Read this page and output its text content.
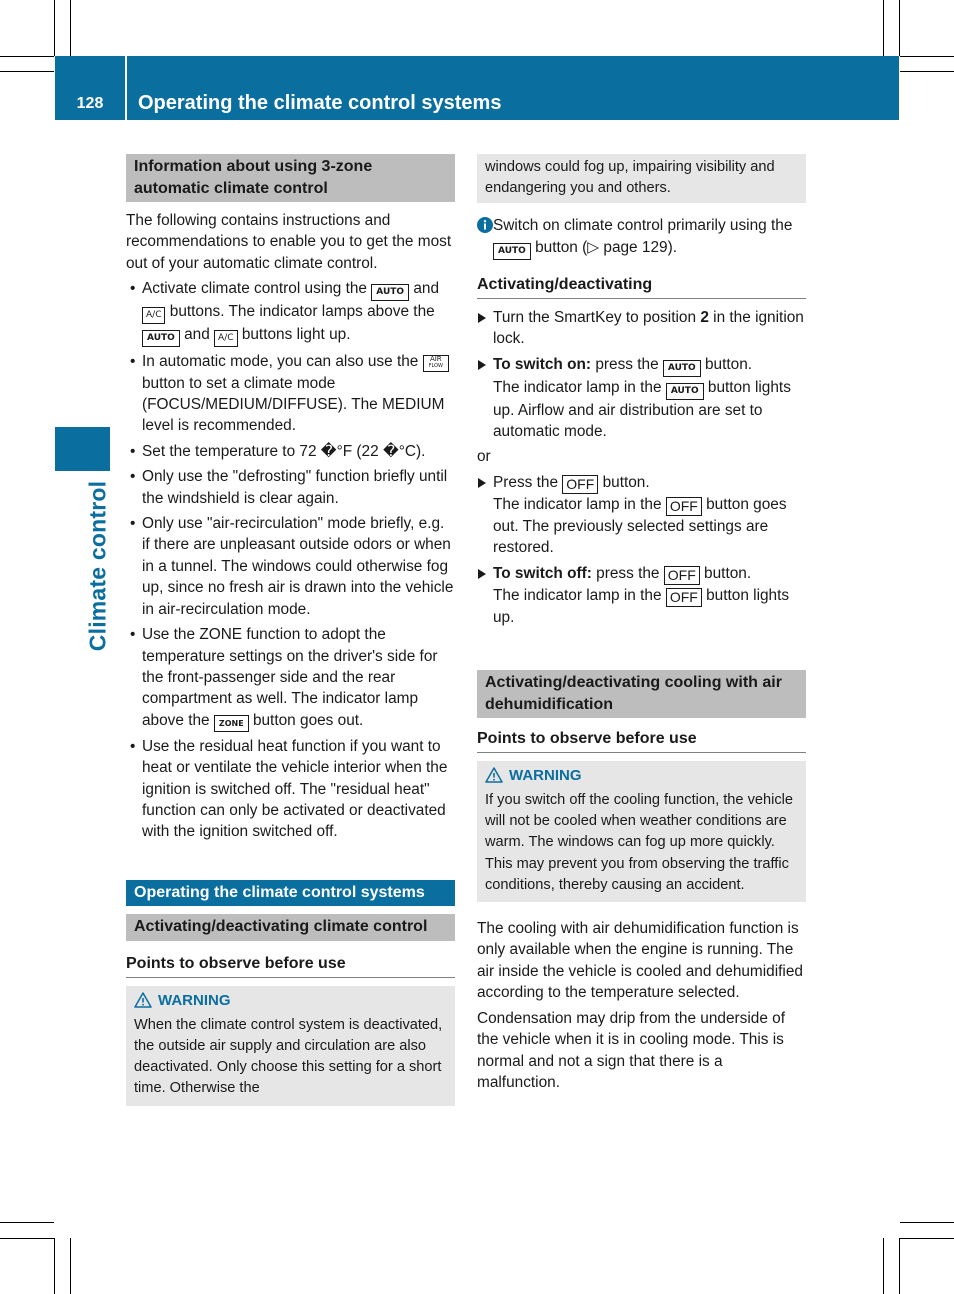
128	Operating the climate control systems
Climate control
Information about using 3-zone automatic climate control

The following contains instructions and recommendations to enable you to get the most out of your automatic climate control.

• Activate climate control using the AUTO and A/C buttons. The indicator lamps above the AUTO and A/C buttons light up.
• In automatic mode, you can also use the AIR
FLOW
button to set a climate mode (FOCUS/MEDIUM/DIFFUSE). The MEDIUM level is recommended.
• Set the temperature to 72 �°F (22 �°C).
• Only use the "defrosting" function briefly until the windshield is clear again.
• Only use "air-recirculation" mode briefly, e.g. if there are unpleasant outside odors or when in a tunnel. The windows could otherwise fog up, since no fresh air is drawn into the vehicle in air-recirculation mode.
• Use the ZONE function to adopt the temperature settings on the driver's side for the front-passenger side and the rear compartment as well. The indicator lamp above the ZONE button goes out.
• Use the residual heat function if you want to heat or ventilate the vehicle interior when the ignition is switched off. The "residual heat" function can only be activated or deactivated with the ignition switched off.
Operating the climate control systems
Activating/deactivating climate control
Points to observe before use
WARNING
When the climate control system is deactivated, the outside air supply and circulation are also deactivated. Only choose this setting for a short time. Otherwise the
windows could fog up, impairing visibility and endangering you and others.
Switch on climate control primarily using the AUTO button (▷ page 129).
Activating/deactivating
Turn the SmartKey to position 2 in the ignition lock.
To switch on: press the AUTO button.
The indicator lamp in the AUTO button lights up. Airflow and air distribution are set to automatic mode.

or

Press the OFF button.
The indicator lamp in the OFF button goes out. The previously selected settings are restored.
To switch off: press the OFF button.
The indicator lamp in the OFF button lights up.
Activating/deactivating cooling with air dehumidification
Points to observe before use
WARNING
If you switch off the cooling function, the vehicle will not be cooled when weather conditions are warm. The windows can fog up more quickly. This may prevent you from observing the traffic conditions, thereby causing an accident.

The cooling with air dehumidification function is only available when the engine is running. The air inside the vehicle is cooled and dehumidified according to the temperature selected.

Condensation may drip from the underside of the vehicle when it is in cooling mode. This is normal and not a sign that there is a malfunction.
